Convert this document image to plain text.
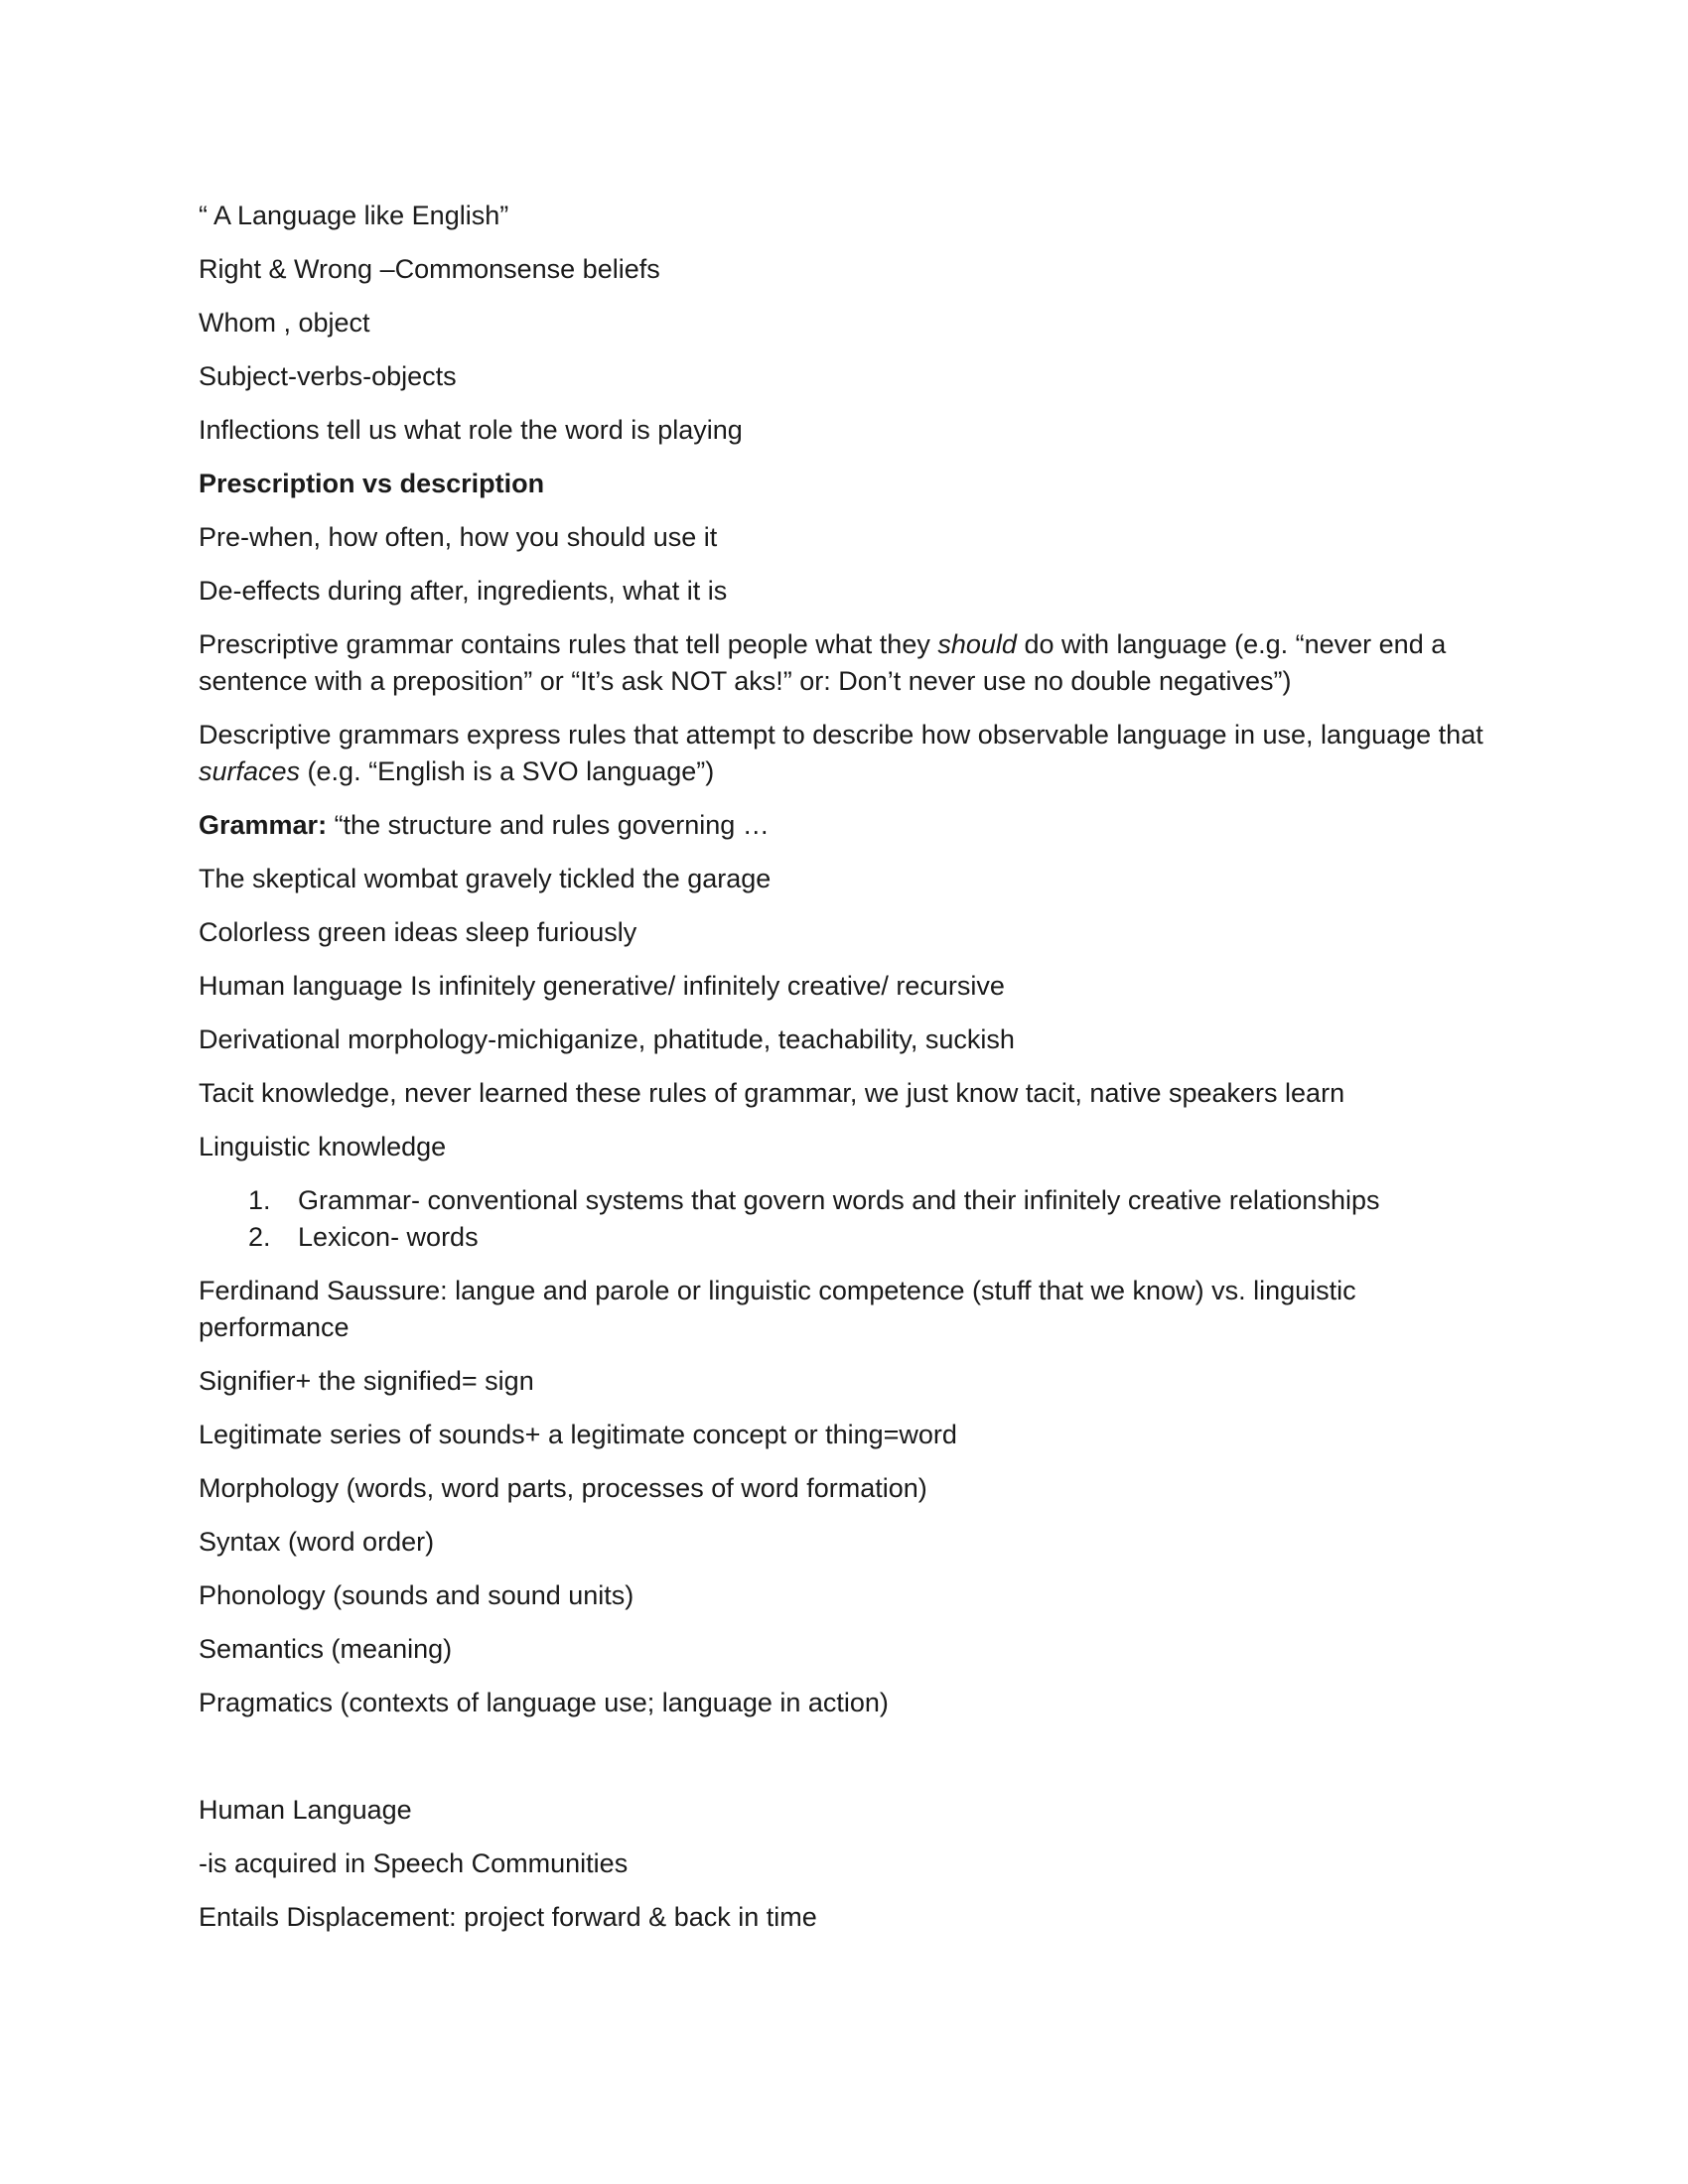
“ A Language like English”

Right & Wrong –Commonsense beliefs

Whom , object

Subject-verbs-objects

Inflections tell us what role the word is playing

Prescription vs description

Pre-when, how often, how you should use it

De-effects during after, ingredients, what it is

Prescriptive grammar contains rules that tell people what they should do with language (e.g. “never end a sentence with a preposition” or “It’s ask NOT aks!” or: Don’t never use no double negatives”)

Descriptive grammars express rules that attempt to describe how observable language in use, language that surfaces (e.g. “English is a SVO language”)

Grammar: “the structure and rules governing …

The skeptical wombat gravely tickled the garage

Colorless green ideas sleep furiously

Human language Is infinitely generative/ infinitely creative/ recursive

Derivational morphology-michiganize, phatitude, teachability, suckish

Tacit knowledge, never learned these rules of grammar, we just know tacit, native speakers learn

Linguistic knowledge

1. Grammar- conventional systems that govern words and their infinitely creative relationships
2. Lexicon- words

Ferdinand Saussure: langue and parole or linguistic competence (stuff that we know) vs. linguistic performance

Signifier+ the signified= sign

Legitimate series of sounds+ a legitimate concept or thing=word

Morphology (words, word parts, processes of word formation)

Syntax (word order)

Phonology (sounds and sound units)

Semantics (meaning)

Pragmatics (contexts of language use; language in action)

Human Language

-is acquired in Speech Communities

Entails Displacement: project forward & back in time
